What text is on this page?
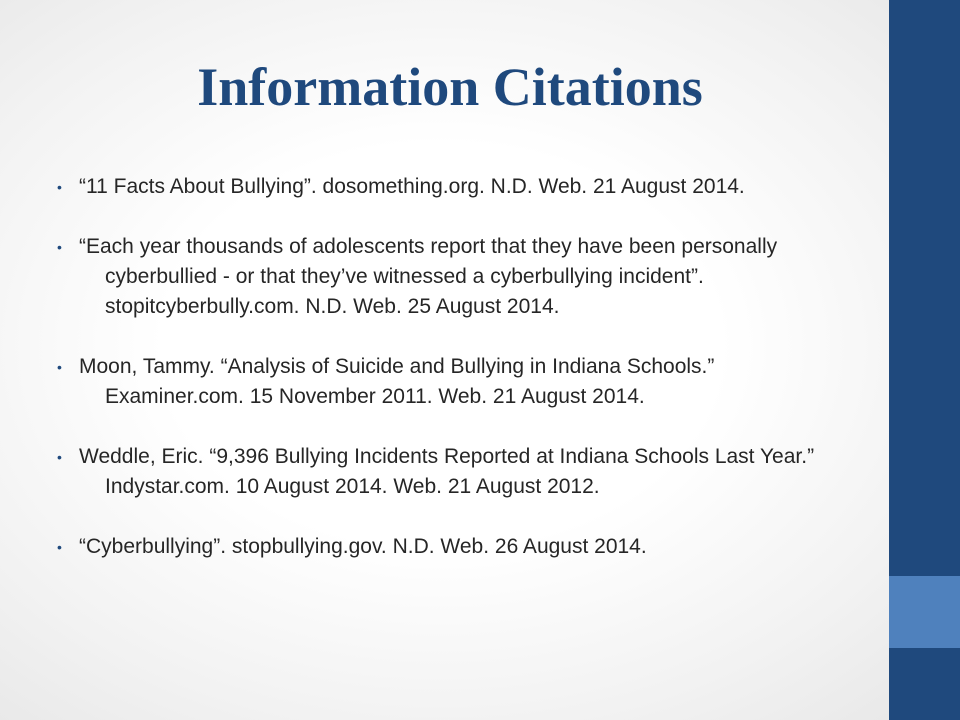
Information Citations
• “11 Facts About Bullying”. dosomething.org. N.D. Web. 21 August 2014.
• “Each year thousands of adolescents report that they have been personally cyberbullied - or that they’ve witnessed a cyberbullying incident”. stopitcyberbully.com. N.D. Web. 25 August 2014.
• Moon, Tammy. “Analysis of Suicide and Bullying in Indiana Schools.” Examiner.com. 15 November 2011. Web. 21 August 2014.
• Weddle, Eric. “9,396 Bullying Incidents Reported at Indiana Schools Last Year.” Indystar.com. 10 August 2014. Web. 21 August 2012.
• “Cyberbullying”. stopbullying.gov. N.D. Web. 26 August 2014.
